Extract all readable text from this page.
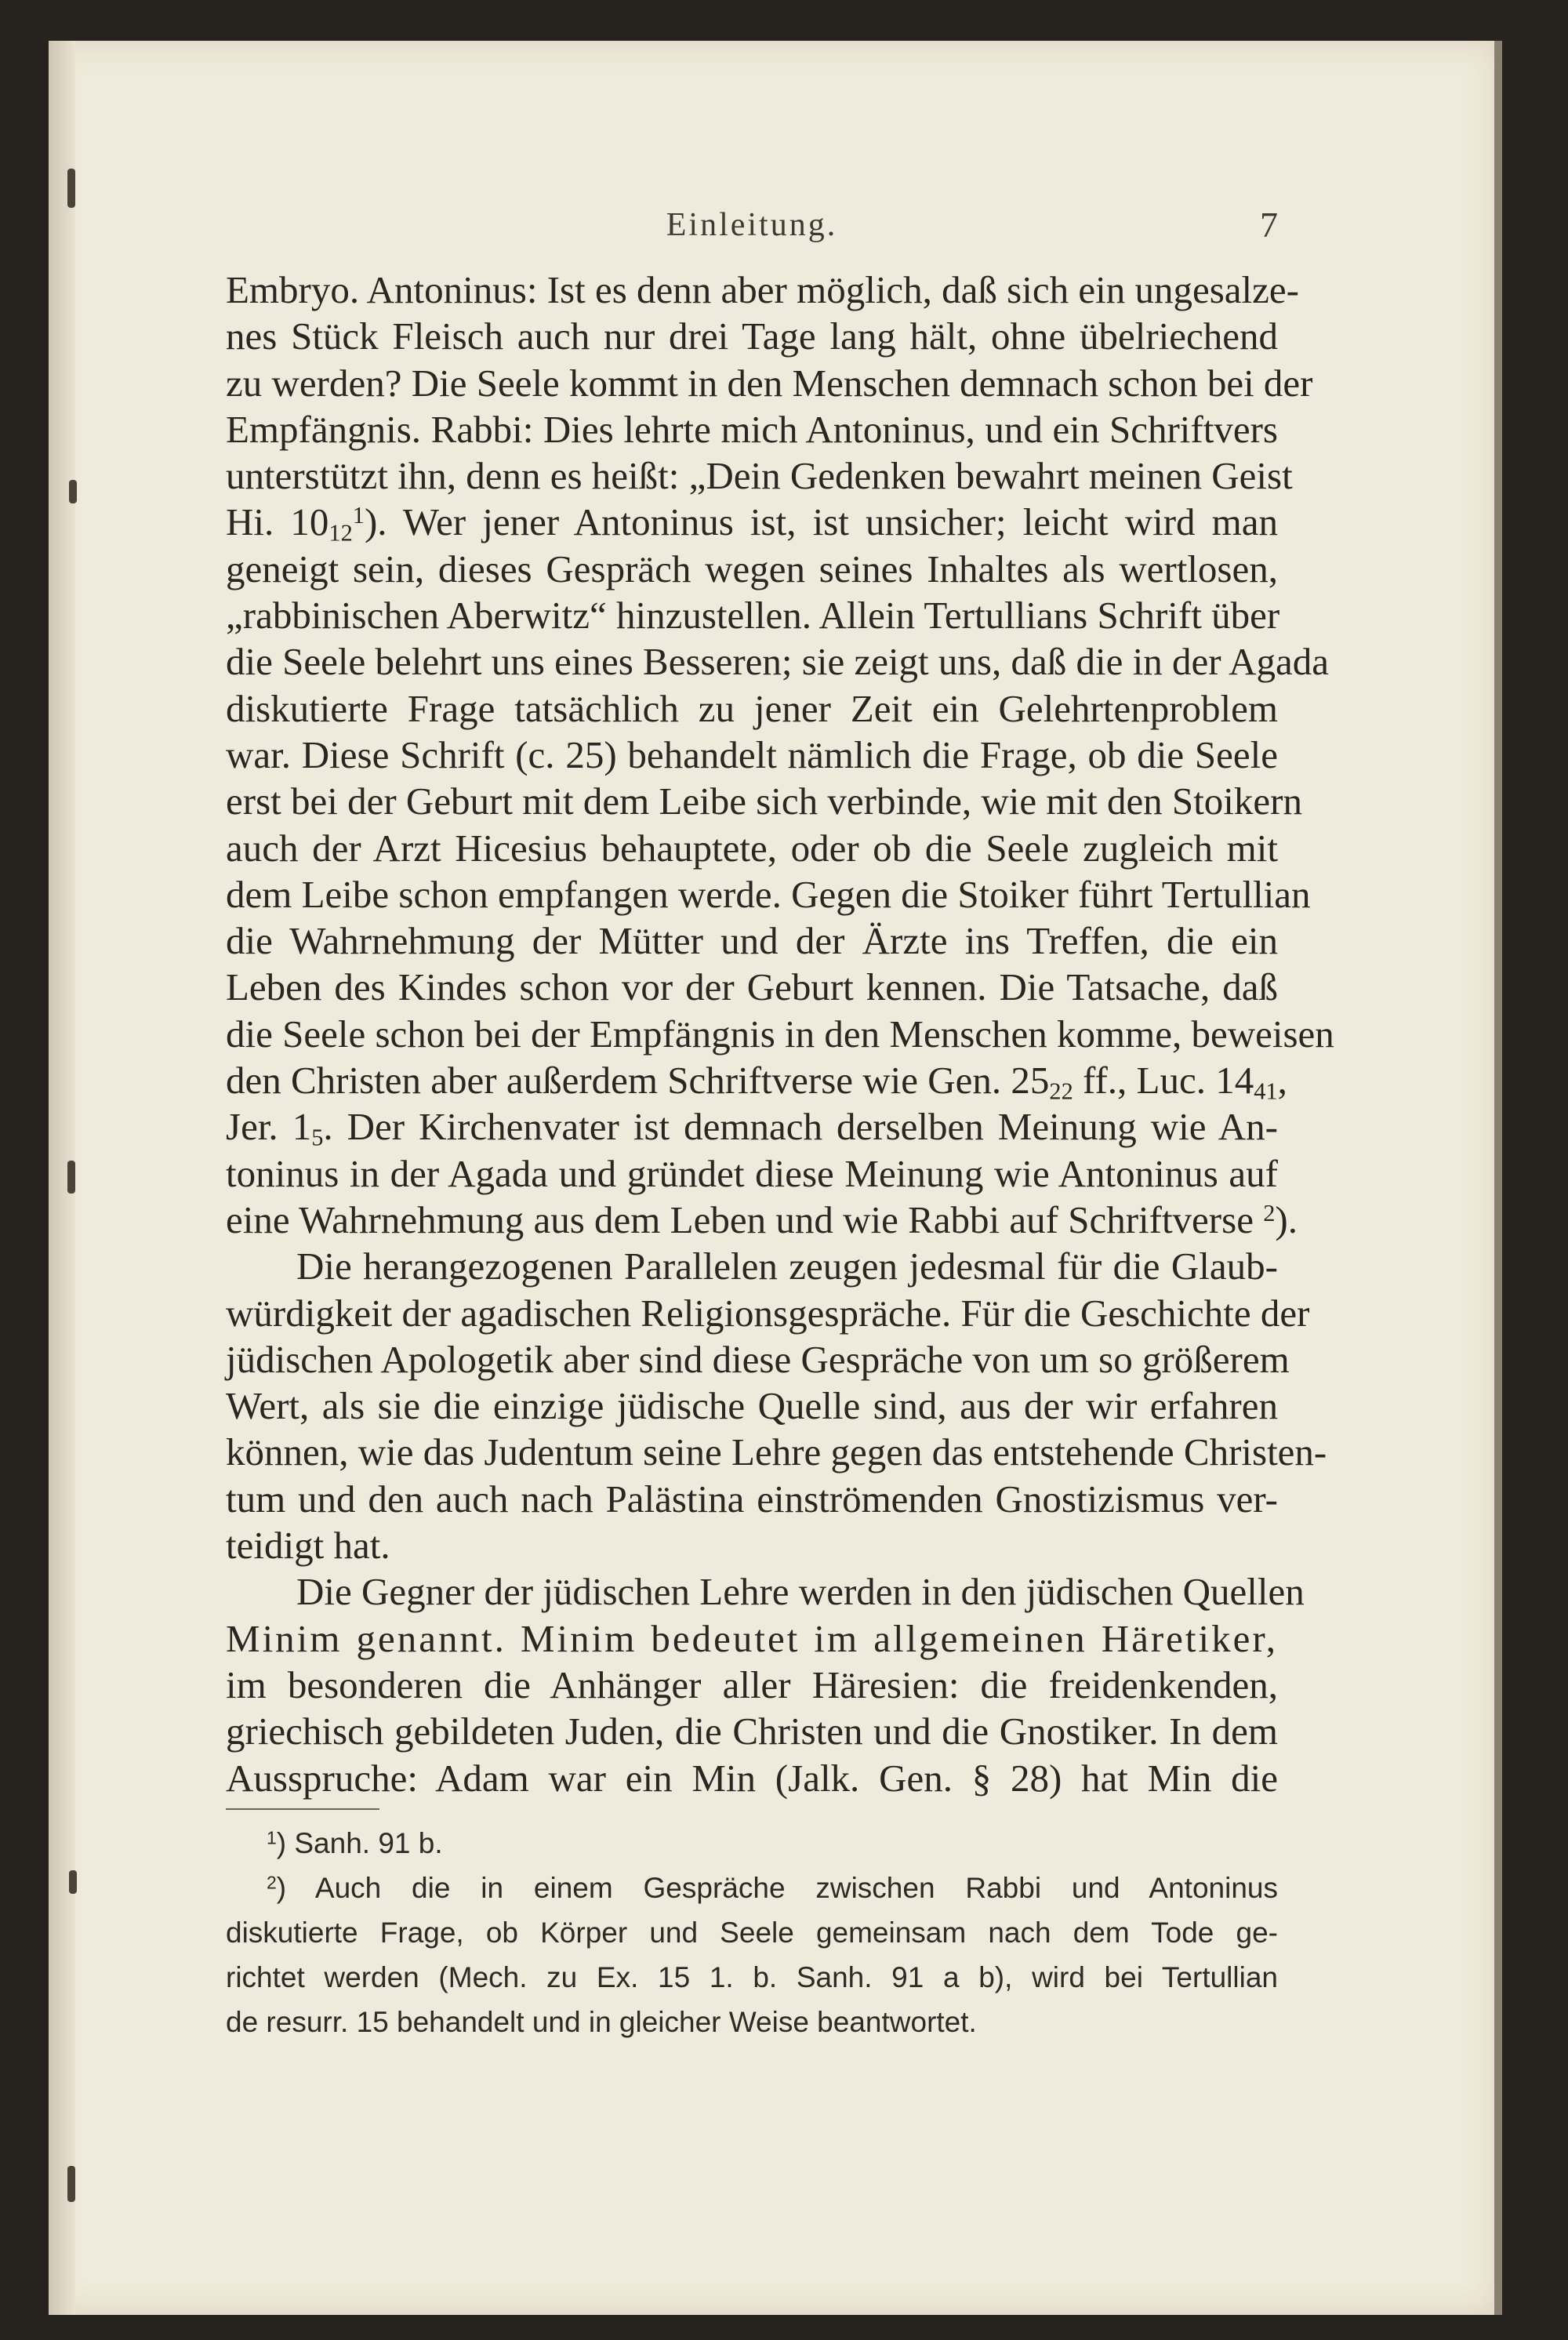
Einleitung.	7
Embryo. Antoninus: Ist es denn aber möglich, daß sich ein ungesalze-
nes Stück Fleisch auch nur drei Tage lang hält, ohne übelriechend
zu werden? Die Seele kommt in den Menschen demnach schon bei der
Empfängnis. Rabbi: Dies lehrte mich Antoninus, und ein Schriftvers
unterstützt ihn, denn es heißt: „Dein Gedenken bewahrt meinen Geist
Hi. $10_{12}^1$). Wer jener Antoninus ist, ist unsicher; leicht wird man
geneigt sein, dieses Gespräch wegen seines Inhaltes als wertlosen,
„rabbinischen Aberwitz“ hinzustellen. Allein Tertullians Schrift über
die Seele belehrt uns eines Besseren; sie zeigt uns, daß die in der Agada
diskutierte Frage tatsächlich zu jener Zeit ein Gelehrtenproblem
war. Diese Schrift (c. 25) behandelt nämlich die Frage, ob die Seele
erst bei der Geburt mit dem Leibe sich verbinde, wie mit den Stoikern
auch der Arzt Hicesius behauptete, oder ob die Seele zugleich mit
dem Leibe schon empfangen werde. Gegen die Stoiker führt Tertullian
die Wahrnehmung der Mütter und der Ärzte ins Treffen, die ein
Leben des Kindes schon vor der Geburt kennen. Die Tatsache, daß
die Seele schon bei der Empfängnis in den Menschen komme, beweisen
den Christen aber außerdem Schriftverse wie Gen. $25_{22}$ ff., Luc. $14_{41}$,
Jer. $1_5$. Der Kirchenvater ist demnach derselben Meinung wie An-
toninus in der Agada und gründet diese Meinung wie Antoninus auf
eine Wahrnehmung aus dem Leben und wie Rabbi auf Schriftverse $^2$).
Die herangezogenen Parallelen zeugen jedesmal für die Glaub-
würdigkeit der agadischen Religionsgespräche. Für die Geschichte der
jüdischen Apologetik aber sind diese Gespräche von um so größerem
Wert, als sie die einzige jüdische Quelle sind, aus der wir erfahren
können, wie das Judentum seine Lehre gegen das entstehende Christen-
tum und den auch nach Palästina einströmenden Gnostizismus ver-
teidigt hat.
Die Gegner der jüdischen Lehre werden in den jüdischen Quellen
Minim genannt. Minim bedeutet im allgemeinen Häretiker,
im besonderen die Anhänger aller Häresien: die freidenkenden,
griechisch gebildeten Juden, die Christen und die Gnostiker. In dem
Ausspruche: Adam war ein Min (Jalk. Gen. § 28) hat Min die
$^1$) Sanh. 91 b.
$^2$) Auch die in einem Gespräche zwischen Rabbi und Antoninus
diskutierte Frage, ob Körper und Seele gemeinsam nach dem Tode ge-
richtet werden (Mech. zu Ex. 15 1. b. Sanh. 91 a b), wird bei Tertullian
de resurr. 15 behandelt und in gleicher Weise beantwortet.
